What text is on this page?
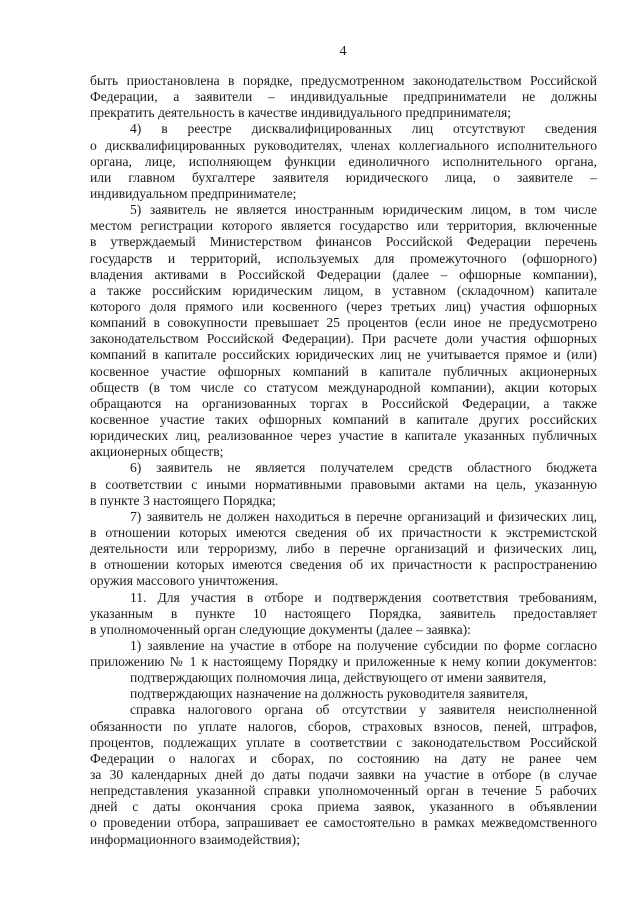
4
быть приостановлена в порядке, предусмотренном законодательством Российской
Федерации, а заявители – индивидуальные предприниматели не должны
прекратить деятельность в качестве индивидуального предпринимателя;
4) в реестре дисквалифицированных лиц отсутствуют сведения
о дисквалифицированных руководителях, членах коллегиального исполнительного
органа, лице, исполняющем функции единоличного исполнительного органа,
или главном бухгалтере заявителя юридического лица, о заявителе –
индивидуальном предпринимателе;
5) заявитель не является иностранным юридическим лицом, в том числе
местом регистрации которого является государство или территория, включенные
в утверждаемый Министерством финансов Российской Федерации перечень
государств и территорий, используемых для промежуточного (офшорного)
владения активами в Российской Федерации (далее – офшорные компании),
а также российским юридическим лицом, в уставном (складочном) капитале
которого доля прямого или косвенного (через третьих лиц) участия офшорных
компаний в совокупности превышает 25 процентов (если иное не предусмотрено
законодательством Российской Федерации). При расчете доли участия офшорных
компаний в капитале российских юридических лиц не учитывается прямое и (или)
косвенное участие офшорных компаний в капитале публичных акционерных
обществ (в том числе со статусом международной компании), акции которых
обращаются на организованных торгах в Российской Федерации, а также
косвенное участие таких офшорных компаний в капитале других российских
юридических лиц, реализованное через участие в капитале указанных публичных
акционерных обществ;
6) заявитель не является получателем средств областного бюджета
в соответствии с иными нормативными правовыми актами на цель, указанную
в пункте 3 настоящего Порядка;
7) заявитель не должен находиться в перечне организаций и физических лиц,
в отношении которых имеются сведения об их причастности к экстремистской
деятельности или терроризму, либо в перечне организаций и физических лиц,
в отношении которых имеются сведения об их причастности к распространению
оружия массового уничтожения.
11. Для участия в отборе и подтверждения соответствия требованиям,
указанным в пункте 10 настоящего Порядка, заявитель предоставляет
в уполномоченный орган следующие документы (далее – заявка):
1) заявление на участие в отборе на получение субсидии по форме согласно
приложению № 1 к настоящему Порядку и приложенные к нему копии документов:
подтверждающих полномочия лица, действующего от имени заявителя,
подтверждающих назначение на должность руководителя заявителя,
справка налогового органа об отсутствии у заявителя неисполненной
обязанности по уплате налогов, сборов, страховых взносов, пеней, штрафов,
процентов, подлежащих уплате в соответствии с законодательством Российской
Федерации о налогах и сборах, по состоянию на дату не ранее чем
за 30 календарных дней до даты подачи заявки на участие в отборе (в случае
непредставления указанной справки уполномоченный орган в течение 5 рабочих
дней с даты окончания срока приема заявок, указанного в объявлении
о проведении отбора, запрашивает ее самостоятельно в рамках межведомственного
информационного взаимодействия);
